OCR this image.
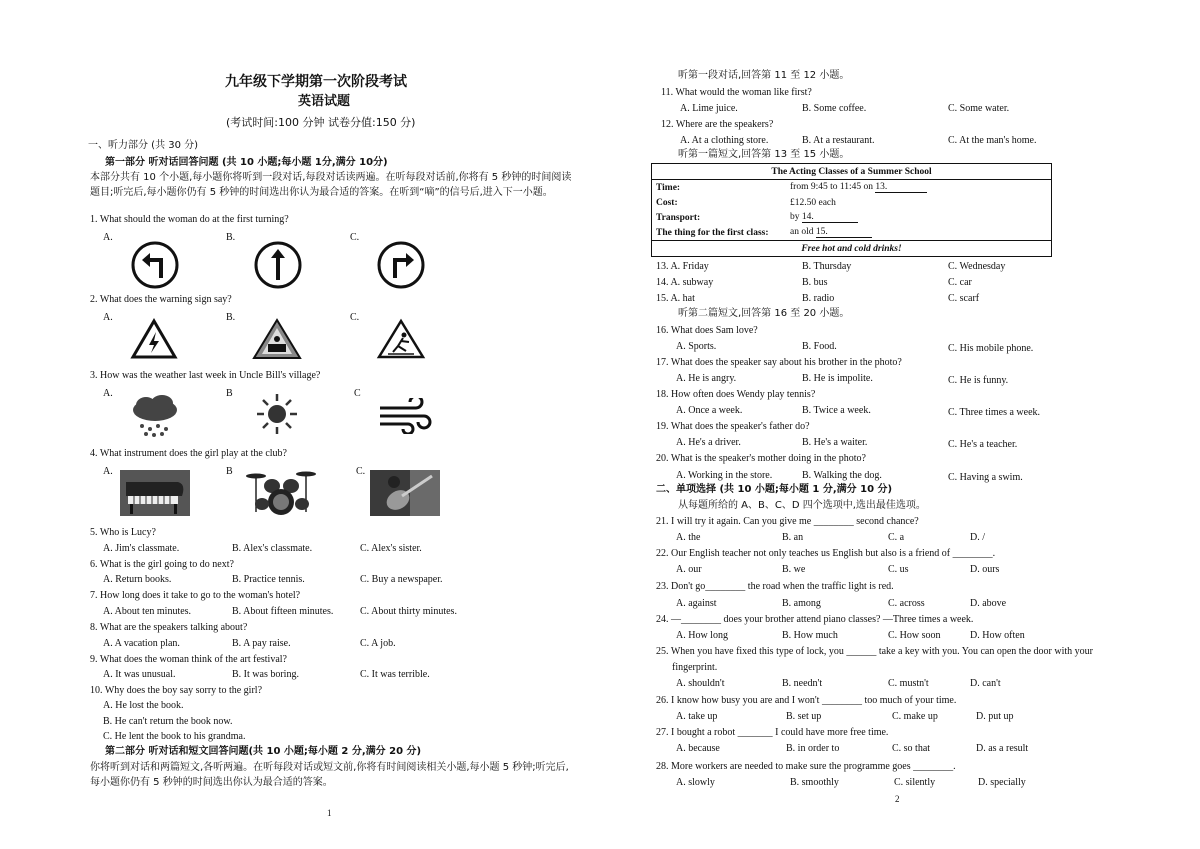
九年级下学期第一次阶段考试
英语试题
(考试时间:100 分钟 试卷分值:150 分)
一、听力部分 (共 30 分)
第一部分 听对话回答问题 (共 10 小题;每小题 1分,满分 10分)
本部分共有 10 个小题,每小题你将听到一段对话,每段对话读两遍。在听每段对话前,你将有 5 秒钟的时间阅读题目;听完后,每小题你仍有 5 秒钟的时间选出你认为最合适的答案。在听到“嘀”的信号后,进入下一小题。
1. What should the woman do at the first turning?
A.	B.	C.
2. What does the warning sign say?
A.	B.	C.
3. How was the weather last week in Uncle Bill's village?
A.	B	C
4. What instrument does the girl play at the club?
A.	B	C.
5. Who is Lucy?
A. Jim's classmate.	B. Alex's classmate.	C. Alex's sister.
6. What is the girl going to do next?
A. Return books.	B. Practice tennis.	C. Buy a newspaper.
7. How long does it take to go to the woman's hotel?
A. About ten minutes.	B. About fifteen minutes.	C. About thirty minutes.
8. What are the speakers talking about?
A. A vacation plan.	B. A pay raise.	C. A job.
9. What does the woman think of the art festival?
A. It was unusual.	B. It was boring.	C. It was terrible.
10. Why does the boy say sorry to the girl?
A. He lost the book.
B. He can't return the book now.
C. He lent the book to his grandma.
第二部分 听对话和短文回答问题(共 10 小题;每小题 2 分,满分 20 分)
你将听到对话和两篇短文,各听两遍。在听每段对话或短文前,你将有时间阅读相关小题,每小题 5 秒钟;听完后,每小题你仍有 5 秒钟的时间选出你认为最合适的答案。
1
听第一段对话,回答第 11 至 12 小题。
11. What would the woman like first?
A. Lime juice.	B. Some coffee.	C. Some water.
12. Where are the speakers?
A. At a clothing store.	B. At a restaurant.	C. At the man's home.
听第一篇短文,回答第 13 至 15 小题。
The Acting Classes of a Summer School	
Time:	from 9:45 to 11:45 on 13.
Cost:	£12.50 each
Transport:	by 14.
The thing for the first class:	an old 15.
Free hot and cold drinks!	
13. A. Friday	B. Thursday	C. Wednesday
14. A. subway	B. bus	C. car
15. A. hat	B. radio	C. scarf
听第二篇短文,回答第 16 至 20 小题。
16. What does Sam love?
A. Sports.	B. Food.	C. His mobile phone.
17. What does the speaker say about his brother in the photo?
A. He is angry.	B. He is impolite.	C. He is funny.
18. How often does Wendy play tennis?
A. Once a week.	B. Twice a week.	C. Three times a week.
19. What does the speaker's father do?
A. He's a driver.	B. He's a waiter.	C. He's a teacher.
20. What is the speaker's mother doing in the photo?
A. Working in the store.	B. Walking the dog.	C. Having a swim.
二、单项选择 (共 10 小题;每小题 1 分,满分 10 分)
从每题所给的 A、B、C、D 四个选项中,选出最佳选项。
21. I will try it again. Can you give me ________ second chance?
A. the	B. an	C. a	D. /
22. Our English teacher not only teaches us English but also is a friend of ________.
A. our	B. we	C. us	D. ours
23. Don't go________ the road when the traffic light is red.
A. against	B. among	C. across	D. above
24. —________ does your brother attend piano classes? —Three times a week.
A. How long	B. How much	C. How soon	D. How often
25. When you have fixed this type of lock, you ______ take a key with you. You can open the door with your
fingerprint.
A. shouldn't	B. needn't	C. mustn't	D. can't
26. I know how busy you are and I won't ________ too much of your time.
A. take up	B. set up	C. make up	D. put up
27. I bought a robot _______ I could have more free time.
A. because	B. in order to	C. so that	D. as a result
28. More workers are needed to make sure the programme goes ________.
A. slowly	B. smoothly	C. silently	D. specially
2
